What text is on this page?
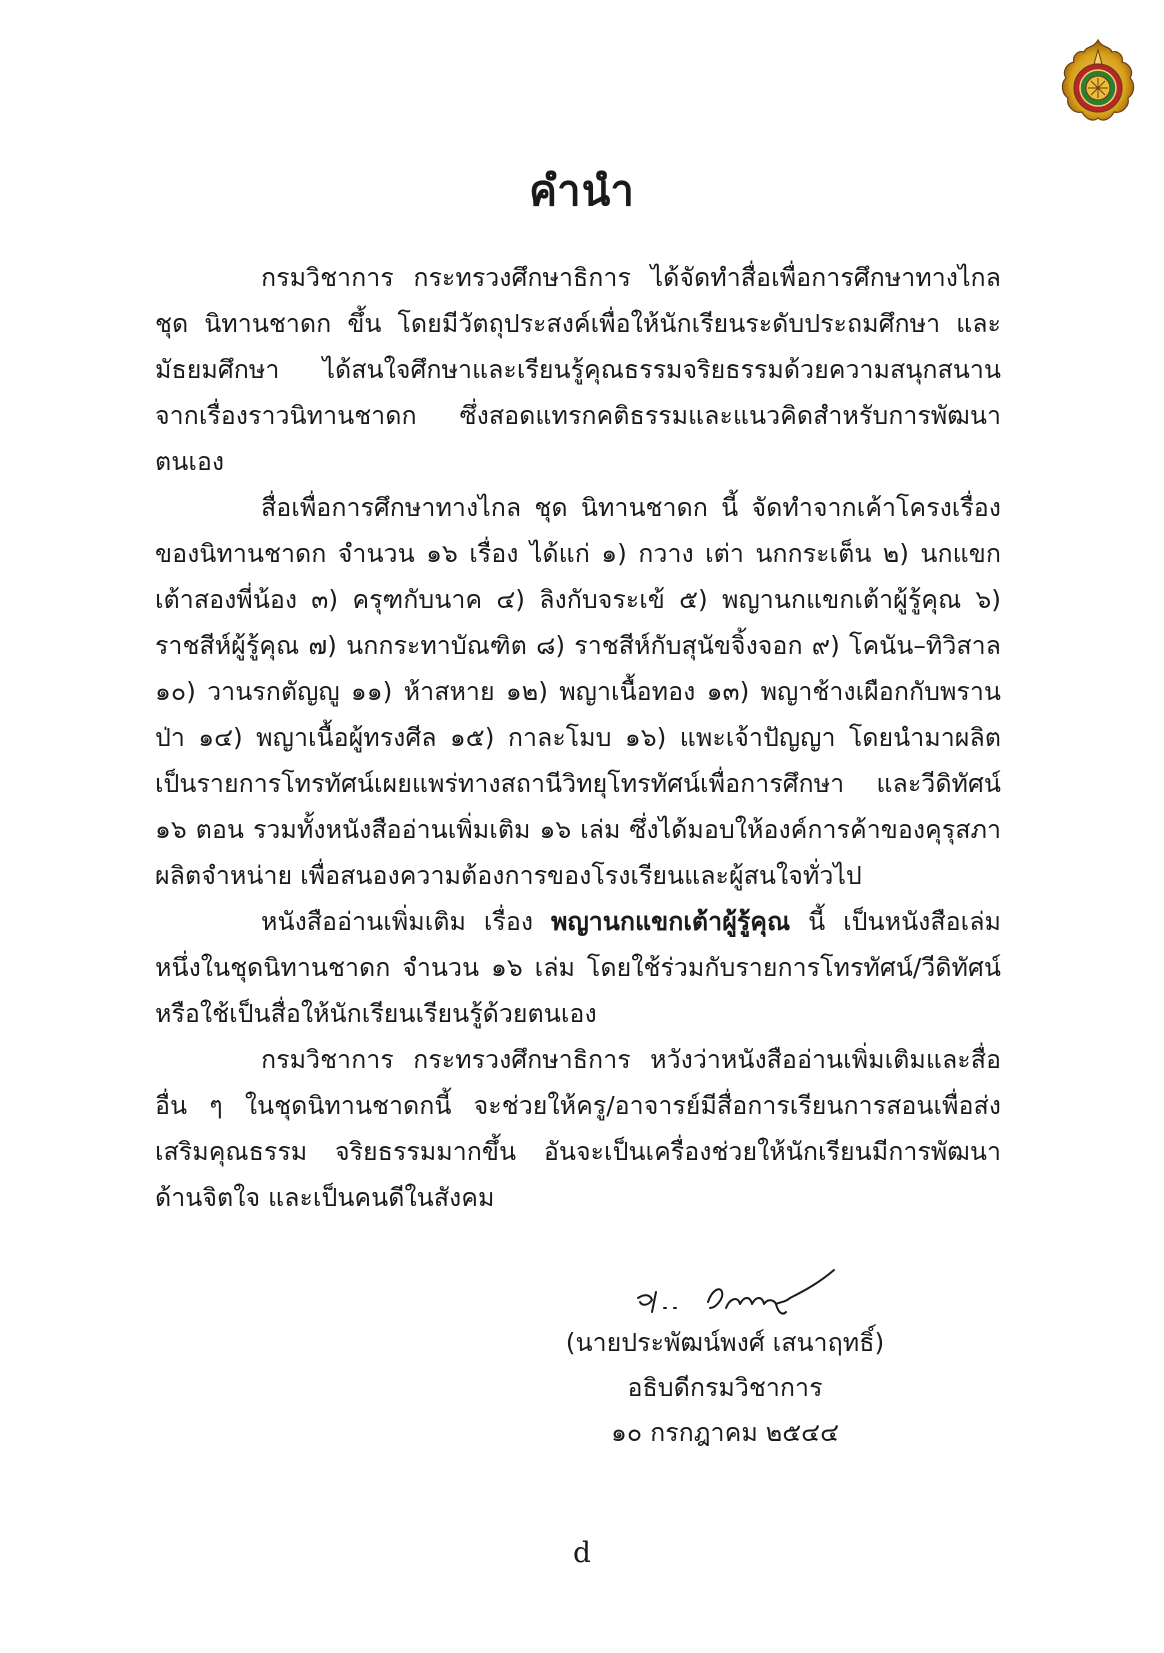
คำนำ

กรมวิชาการ กระทรวงศึกษาธิการ ได้จัดทำสื่อเพื่อการศึกษาทางไกล ชุด นิทานชาดก ขึ้น โดยมีวัตถุประสงค์เพื่อให้นักเรียนระดับประถมศึกษา และมัธยมศึกษา ได้สนใจศึกษาและเรียนรู้คุณธรรมจริยธรรมด้วยความสนุกสนานจากเรื่องราวนิทานชาดก ซึ่งสอดแทรกคติธรรมและแนวคิดสำหรับการพัฒนาตนเอง

สื่อเพื่อการศึกษาทางไกล ชุด นิทานชาดก นี้ จัดทำจากเค้าโครงเรื่องของนิทานชาดก จำนวน ๑๖ เรื่อง ได้แก่ ๑) กวาง เต่า นกกระเต็น ๒) นกแขกเต้าสองพี่น้อง ๓) ครุฑกับนาค ๔) ลิงกับจระเข้ ๕) พญานกแขกเต้าผู้รู้คุณ ๖) ราชสีห์ผู้รู้คุณ ๗) นกกระทาบัณฑิต ๘) ราชสีห์กับสุนัขจิ้งจอก ๙) โคนัน–ทิวิสาล ๑๐) วานรกตัญญู ๑๑) ห้าสหาย ๑๒) พญาเนื้อทอง ๑๓) พญาช้างเผือกกับพรานป่า ๑๔) พญาเนื้อผู้ทรงศีล ๑๕) กาละโมบ ๑๖) แพะเจ้าปัญญา โดยนำมาผลิตเป็นรายการโทรทัศน์เผยแพร่ทางสถานีวิทยุโทรทัศน์เพื่อการศึกษา และวีดิทัศน์ ๑๖ ตอน รวมทั้งหนังสืออ่านเพิ่มเติม ๑๖ เล่ม ซึ่งได้มอบให้องค์การค้าของคุรุสภาผลิตจำหน่าย เพื่อสนองความต้องการของโรงเรียนและผู้สนใจทั่วไป

หนังสืออ่านเพิ่มเติม เรื่อง พญานกแขกเต้าผู้รู้คุณ นี้ เป็นหนังสือเล่มหนึ่งในชุดนิทานชาดก จำนวน ๑๖ เล่ม โดยใช้ร่วมกับรายการโทรทัศน์/วีดิทัศน์ หรือใช้เป็นสื่อให้นักเรียนเรียนรู้ด้วยตนเอง

กรมวิชาการ กระทรวงศึกษาธิการ หวังว่าหนังสืออ่านเพิ่มเติมและสื่ออื่น ๆ ในชุดนิทานชาดกนี้ จะช่วยให้ครู/อาจารย์มีสื่อการเรียนการสอนเพื่อส่งเสริมคุณธรรม จริยธรรมมากขึ้น อันจะเป็นเครื่องช่วยให้นักเรียนมีการพัฒนาด้านจิตใจ และเป็นคนดีในสังคม

(นายประพัฒน์พงศ์ เสนาฤทธิ์)
อธิบดีกรมวิชาการ
๑๐ กรกฎาคม ๒๕๔๔
d
